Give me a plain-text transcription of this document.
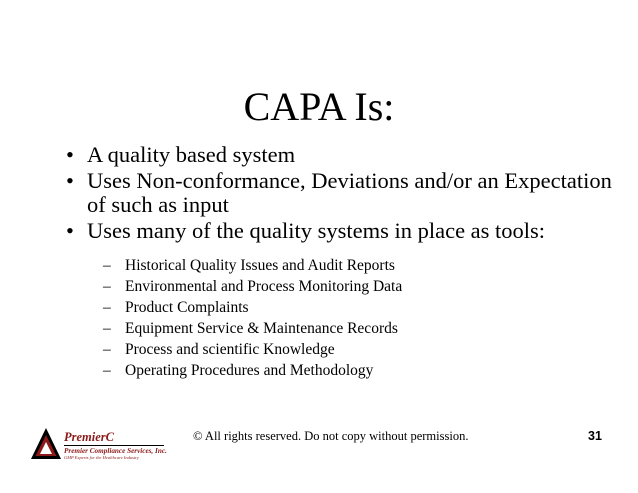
CAPA Is:
• A quality based system
• Uses Non-conformance, Deviations and/or an Expectation of such as input
• Uses many of the quality systems in place as tools:
– Historical Quality Issues and Audit Reports
– Environmental and Process Monitoring Data
– Product Complaints
– Equipment Service & Maintenance Records
– Process and scientific Knowledge
– Operating Procedures and Methodology
PremierC
Premier Compliance Services, Inc.
GMP Experts for the Healthcare Industry
© All rights reserved. Do not copy without permission.	31
